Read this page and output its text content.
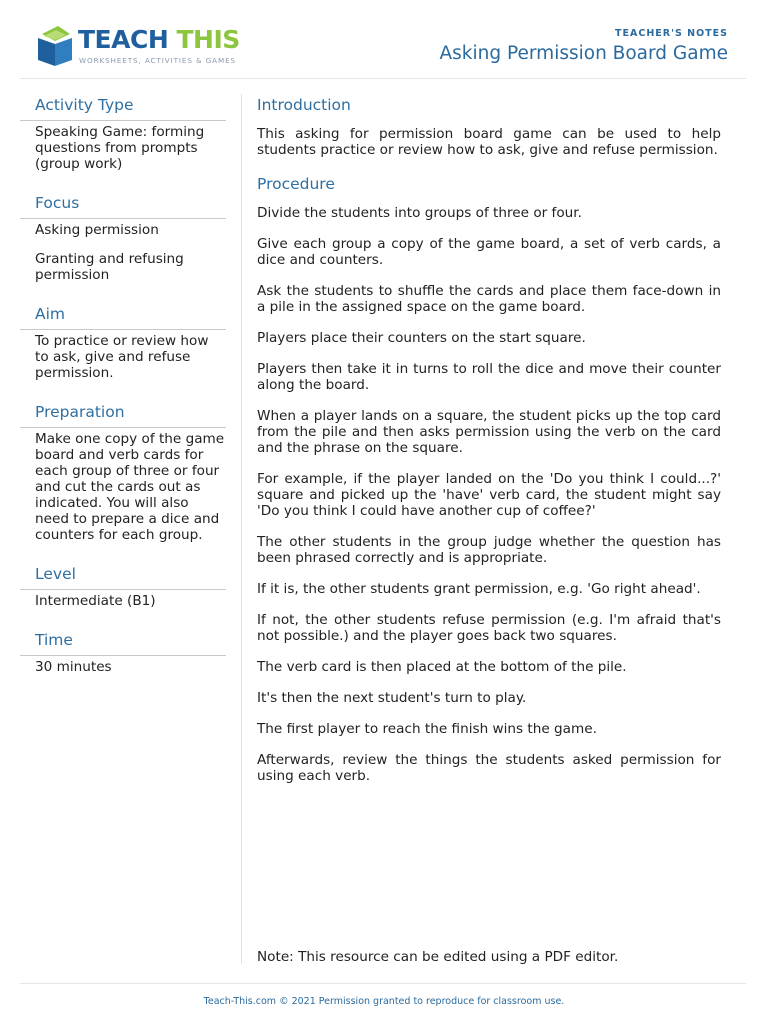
TEACH THIS
WORKSHEETS, ACTIVITIES & GAMES
TEACHER'S NOTES
Asking Permission Board Game
Activity Type

Speaking Game: forming questions from prompts (group work)

Focus

Asking permission

Granting and refusing permission

Aim

To practice or review how to ask, give and refuse permission.

Preparation

Make one copy of the game board and verb cards for each group of three or four and cut the cards out as indicated. You will also need to prepare a dice and counters for each group.

Level

Intermediate (B1)

Time

30 minutes

Introduction

This asking for permission board game can be used to help students practice or review how to ask, give and refuse permission.

Procedure

Divide the students into groups of three or four.

Give each group a copy of the game board, a set of verb cards, a dice and counters.

Ask the students to shuffle the cards and place them face-down in a pile in the assigned space on the game board.

Players place their counters on the start square.

Players then take it in turns to roll the dice and move their counter along the board.

When a player lands on a square, the student picks up the top card from the pile and then asks permission using the verb on the card and the phrase on the square.

For example, if the player landed on the 'Do you think I could...?' square and picked up the 'have' verb card, the student might say 'Do you think I could have another cup of coffee?'

The other students in the group judge whether the question has been phrased correctly and is appropriate.

If it is, the other students grant permission, e.g. 'Go right ahead'.

If not, the other students refuse permission (e.g. I'm afraid that's not possible.) and the player goes back two squares.

The verb card is then placed at the bottom of the pile.

It's then the next student's turn to play.

The first player to reach the finish wins the game.

Afterwards, review the things the students asked permission for using each verb.

Note: This resource can be edited using a PDF editor.
Teach-This.com © 2021 Permission granted to reproduce for classroom use.
